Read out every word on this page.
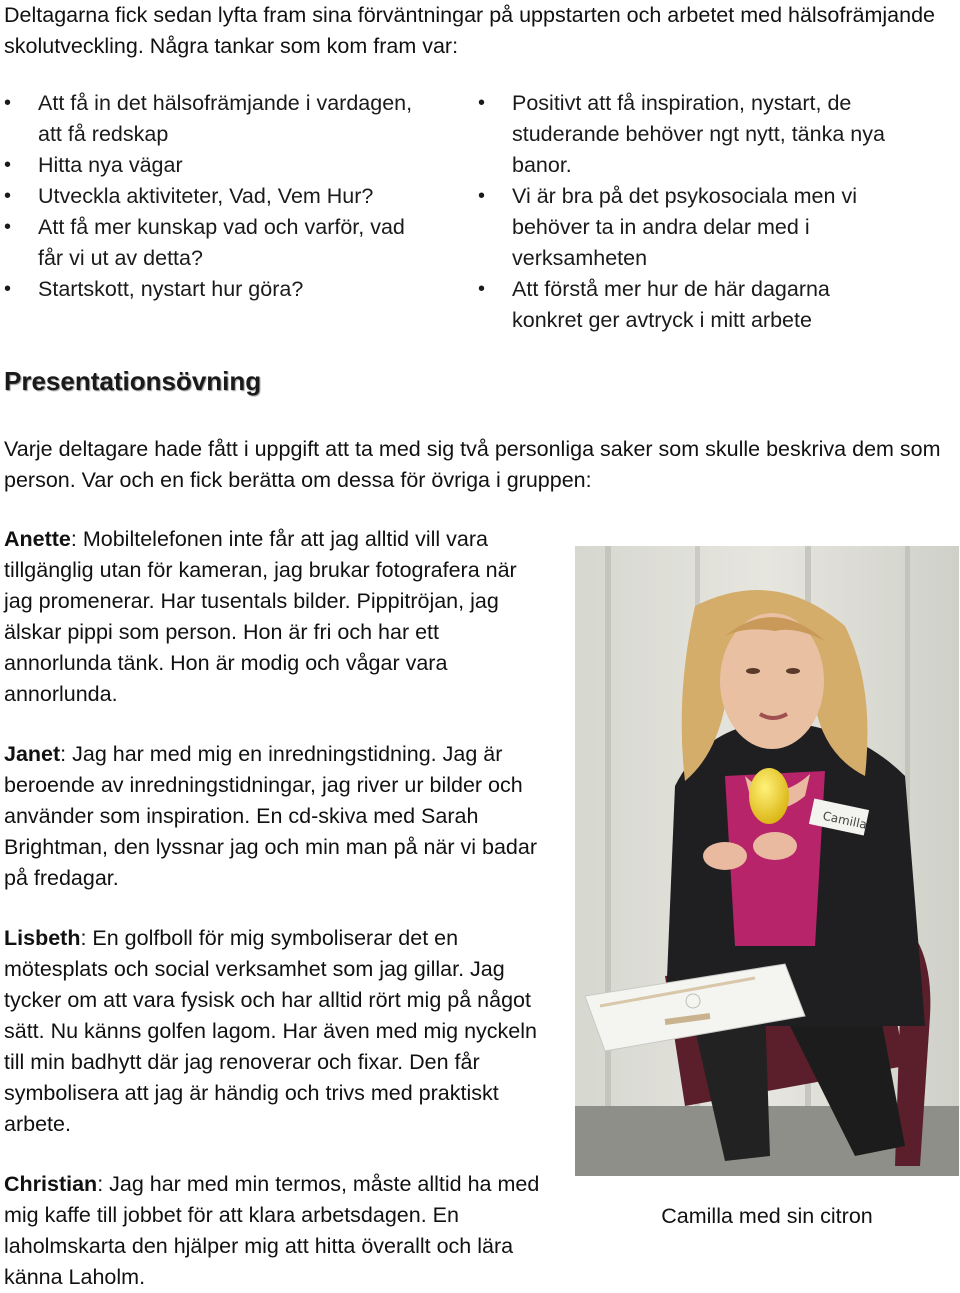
Deltagarna fick sedan lyfta fram sina förväntningar på uppstarten och arbetet med hälsofrämjande skolutveckling. Några tankar som kom fram var:
• Att få in det hälsofrämjande i vardagen, att få redskap
• Hitta nya vägar
• Utveckla aktiviteter, Vad, Vem Hur?
• Att få mer kunskap vad och varför, vad får vi ut av detta?
• Startskott, nystart hur göra?
• Positivt att få inspiration, nystart, de studerande behöver ngt nytt, tänka nya banor.
• Vi är bra på det psykosociala men vi behöver ta in andra delar med i verksamheten
• Att förstå mer hur de här dagarna konkret ger avtryck i mitt arbete
Presentationsövning
Varje deltagare hade fått i uppgift att ta med sig två personliga saker som skulle beskriva dem som person. Var och en fick berätta om dessa för övriga i gruppen:
Anette: Mobiltelefonen inte får att jag alltid vill vara tillgänglig utan för kameran, jag brukar fotografera när jag promenerar. Har tusentals bilder. Pippitröjan, jag älskar pippi som person. Hon är fri och har ett annorlunda tänk. Hon är modig och vågar vara annorlunda.
Janet: Jag har med mig en inredningstidning. Jag är beroende av inredningstidningar, jag river ur bilder och använder som inspiration. En cd-skiva med Sarah Brightman, den lyssnar jag och min man på när vi badar på fredagar.
Lisbeth: En golfboll för mig symboliserar det en mötesplats och social verksamhet som jag gillar. Jag tycker om att vara fysisk och har alltid rört mig på något sätt. Nu känns golfen lagom. Har även med mig nyckeln till min badhytt där jag renoverar och fixar. Den får symbolisera att jag är händig och trivs med praktiskt arbete.
Christian: Jag har med min termos, måste alltid ha med mig kaffe till jobbet för att klara arbetsdagen. En laholmskarta den hjälper mig att hitta överallt och lära känna Laholm.
Camilla
Camilla med sin citron
